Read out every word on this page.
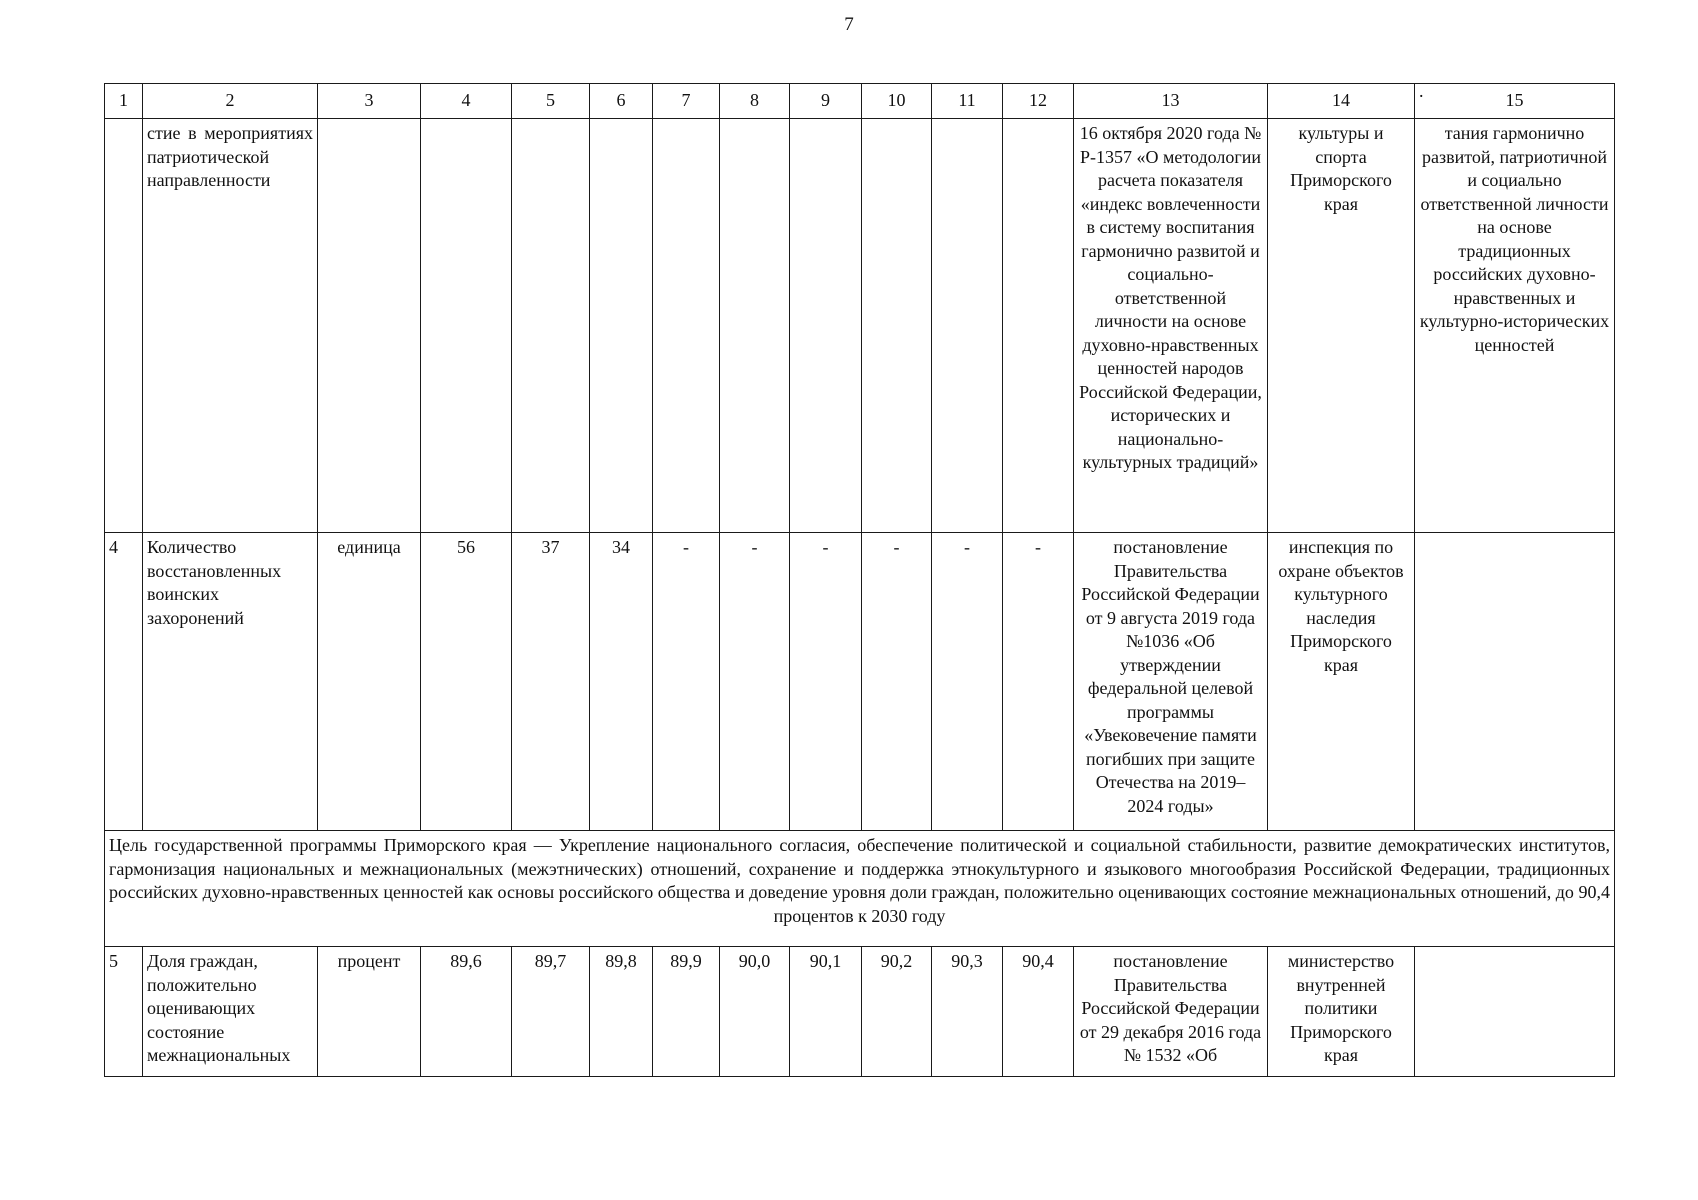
7
1	2	3	4	5	6	7	8	9	10	11	12	13	14	. 15
	стие в мероприятиях патриотической направленности											16 октября 2020 года № Р-1357 «О методологии расчета показателя «индекс вовлеченности в систему воспитания гармонично развитой и социально-ответственной личности на основе духовно-нравственных ценностей народов Российской Федерации, исторических и национально-культурных традиций»	культуры и спорта Приморского края	тания гармонично развитой, патриотичной и социально ответственной личности на основе традиционных российских духовно-нравственных и культурно-исторических ценностей
4	Количество восстановленных воинских захоронений	единица	56	37	34	-	-	-	-	-	-	постановление Правительства Российской Федерации от 9 августа 2019 года №1036 «Об утверждении федеральной целевой программы «Увековечение памяти погибших при защите Отечества на 2019–2024 годы»	инспекция по охране объектов культурного наследия Приморского края	
Цель государственной программы Приморского края — Укрепление национального согласия, обеспечение политической и социальной стабильности, развитие демократических институтов, гармонизация национальных и межнациональных (межэтнических) отношений, сохранение и поддержка этнокультурного и языкового многообразия Российской Федерации, традиционных российских духовно-нравственных ценностей как основы российского общества и доведение уровня доли граждан, положительно оценивающих состояние межнациональных отношений, до 90,4 процентов к 2030 году														
5	Доля граждан, положительно оценивающих состояние межнациональных	процент	89,6	89,7	89,8	89,9	90,0	90,1	90,2	90,3	90,4	постановление Правительства Российской Федерации от 29 декабря 2016 года № 1532 «Об	министерство внутренней политики Приморского края	
